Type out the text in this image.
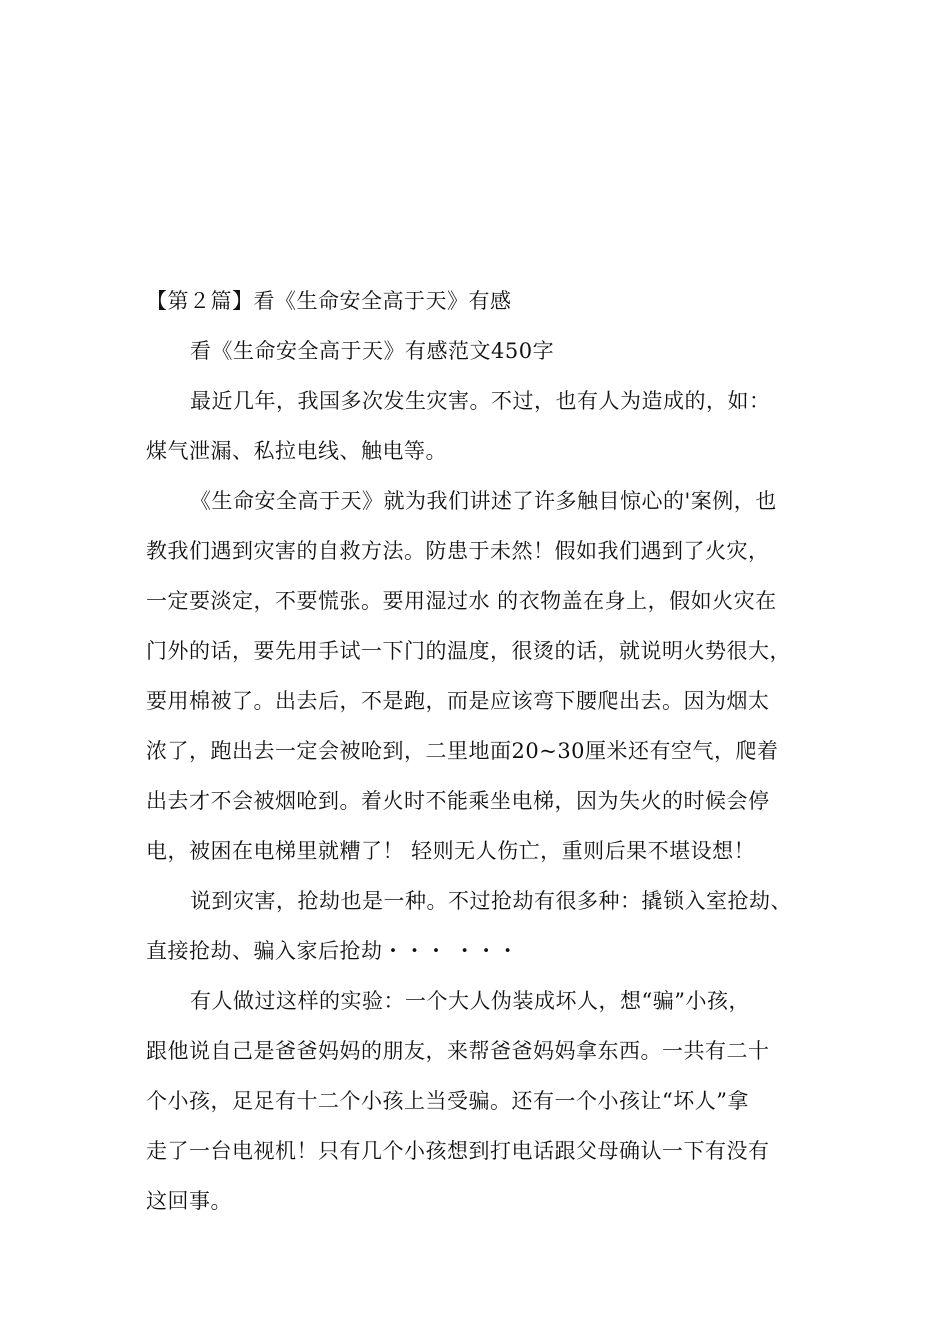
【第２篇】看《生命安全高于天》有感
看《生命安全高于天》有感范文450字
最近几年，我国多次发生灾害。不过，也有人为造成的，如：
煤气泄漏、私拉电线、触电等。
《生命安全高于天》就为我们讲述了许多触目惊心的'案例，也
教我们遇到灾害的自救方法。防患于未然！假如我们遇到了火灾，
一定要淡定，不要慌张。要用湿过水 的衣物盖在身上，假如火灾在
门外的话，要先用手试一下门的温度，很烫的话，就说明火势很大，
要用棉被了。出去后，不是跑，而是应该弯下腰爬出去。因为烟太
浓了，跑出去一定会被呛到，二里地面20~30厘米还有空气，爬着
出去才不会被烟呛到。着火时不能乘坐电梯，因为失火的时候会停
电，被困在电梯里就糟了！ 轻则无人伤亡，重则后果不堪设想！
说到灾害，抢劫也是一种。不过抢劫有很多种：撬锁入室抢劫、
直接抢劫、骗入家后抢劫・・・ ・・・
有人做过这样的实验：一个大人伪装成坏人，想“骗”小孩，
跟他说自己是爸爸妈妈的朋友，来帮爸爸妈妈拿东西。一共有二十
个小孩，足足有十二个小孩上当受骗。还有一个小孩让“坏人”拿
走了一台电视机！只有几个小孩想到打电话跟父母确认一下有没有
这回事。
